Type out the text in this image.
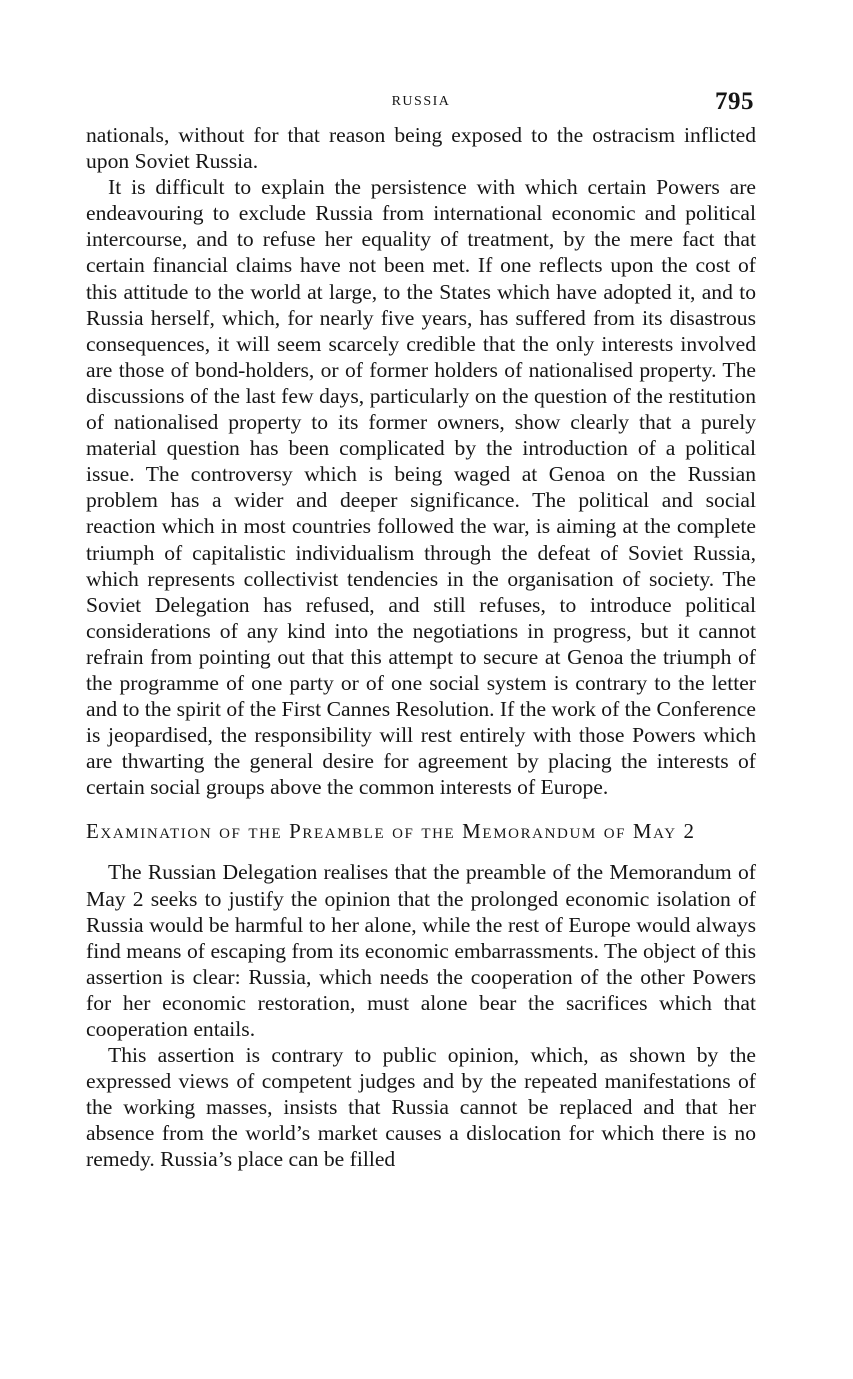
RUSSIA	795

nationals, without for that reason being exposed to the ostracism inflicted upon Soviet Russia.

It is difficult to explain the persistence with which certain Powers are endeavouring to exclude Russia from international economic and political intercourse, and to refuse her equality of treatment, by the mere fact that certain financial claims have not been met. If one reflects upon the cost of this attitude to the world at large, to the States which have adopted it, and to Russia herself, which, for nearly five years, has suffered from its disastrous consequences, it will seem scarcely credible that the only interests involved are those of bond-holders, or of former holders of nationalised property. The discussions of the last few days, particularly on the question of the restitution of nationalised property to its former owners, show clearly that a purely material question has been complicated by the introduction of a political issue. The controversy which is being waged at Genoa on the Russian problem has a wider and deeper significance. The political and social reaction which in most countries followed the war, is aiming at the complete triumph of capitalistic individualism through the defeat of Soviet Russia, which represents collectivist tendencies in the organisation of society. The Soviet Delegation has refused, and still refuses, to introduce political considerations of any kind into the negotiations in progress, but it cannot refrain from pointing out that this attempt to secure at Genoa the triumph of the programme of one party or of one social system is contrary to the letter and to the spirit of the First Cannes Resolution. If the work of the Conference is jeopardised, the responsibility will rest entirely with those Powers which are thwarting the general desire for agreement by placing the interests of certain social groups above the common interests of Europe.

Examination of the Preamble of the Memorandum of May 2

The Russian Delegation realises that the preamble of the Memorandum of May 2 seeks to justify the opinion that the prolonged economic isolation of Russia would be harmful to her alone, while the rest of Europe would always find means of escaping from its economic embarrassments. The object of this assertion is clear: Russia, which needs the cooperation of the other Powers for her economic restoration, must alone bear the sacrifices which that cooperation entails.

This assertion is contrary to public opinion, which, as shown by the expressed views of competent judges and by the repeated manifestations of the working masses, insists that Russia cannot be replaced and that her absence from the world’s market causes a dislocation for which there is no remedy. Russia’s place can be filled
